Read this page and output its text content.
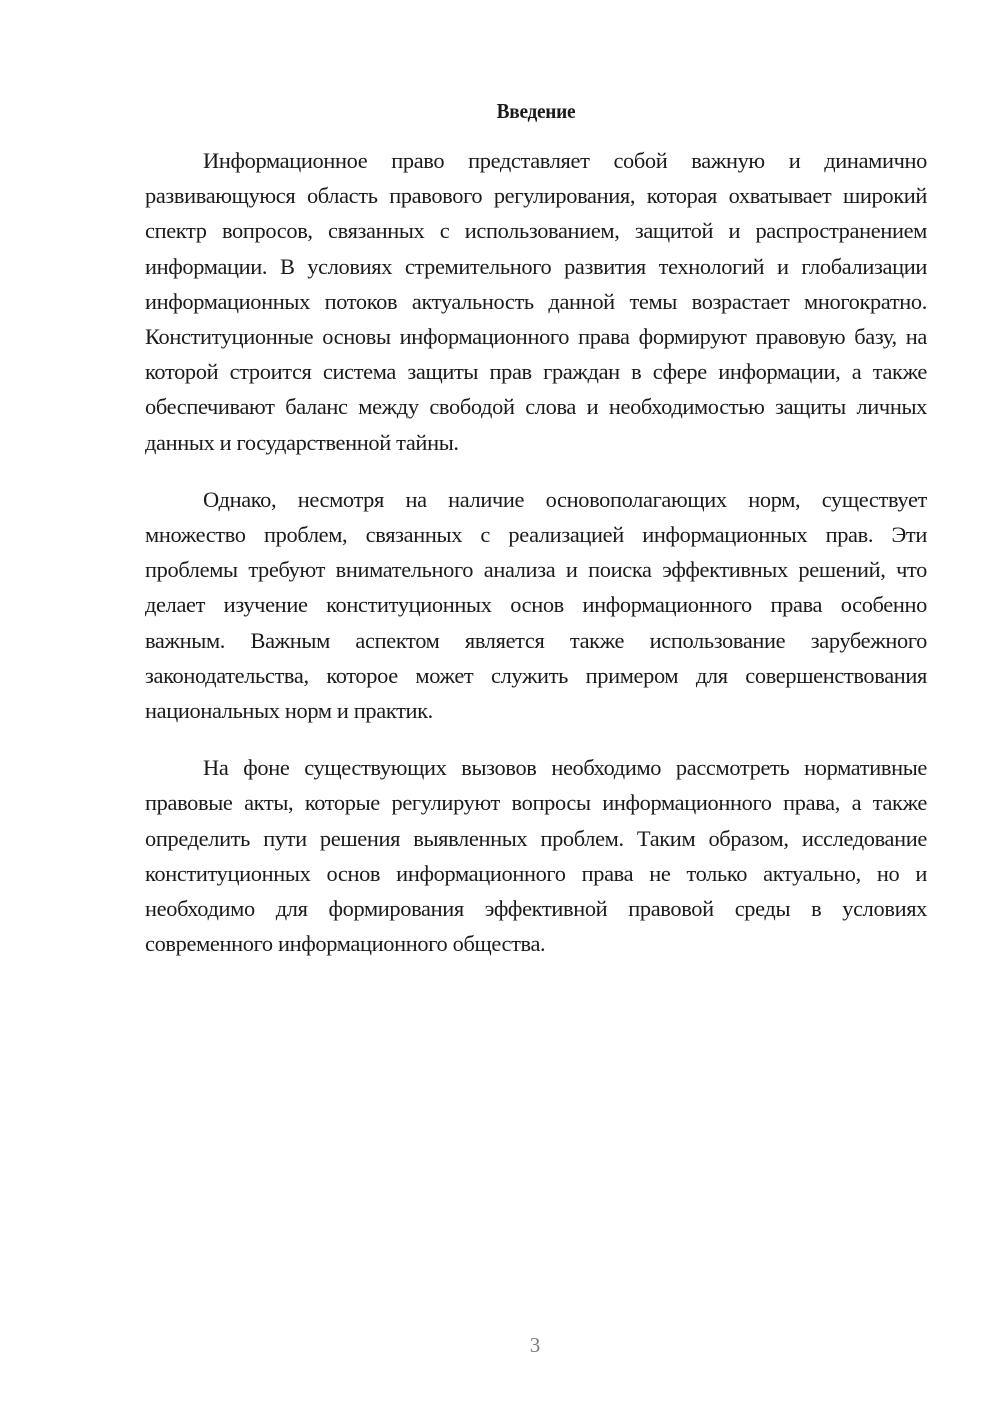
Введение

Информационное право представляет собой важную и динамично развивающуюся область правового регулирования, которая охватывает широкий спектр вопросов, связанных с использованием, защитой и распространением информации. В условиях стремительного развития технологий и глобализации информационных потоков актуальность данной темы возрастает многократно. Конституционные основы информационного права формируют правовую базу, на которой строится система защиты прав граждан в сфере информации, а также обеспечивают баланс между свободой слова и необходимостью защиты личных данных и государственной тайны.

Однако, несмотря на наличие основополагающих норм, существует множество проблем, связанных с реализацией информационных прав. Эти проблемы требуют внимательного анализа и поиска эффективных решений, что делает изучение конституционных основ информационного права особенно важным. Важным аспектом является также использование зарубежного законодательства, которое может служить примером для совершенствования национальных норм и практик.

На фоне существующих вызовов необходимо рассмотреть нормативные правовые акты, которые регулируют вопросы информационного права, а также определить пути решения выявленных проблем. Таким образом, исследование конституционных основ информационного права не только актуально, но и необходимо для формирования эффективной правовой среды в условиях современного информационного общества.

3
